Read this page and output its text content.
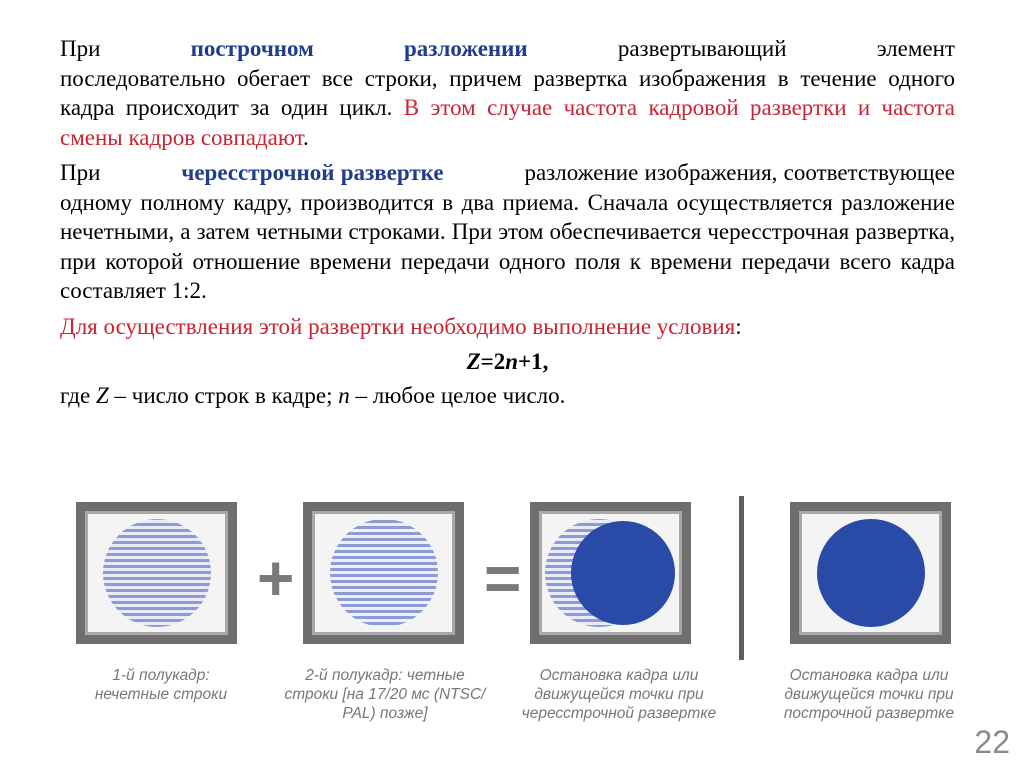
При	построчном	разложении	развертывающий элемент
последовательно обегает все строки, причем развертка изображения в течение одного кадра происходит за один цикл. В этом случае частота кадровой развертки и частота смены кадров совпадают.

При	чересстрочной развертке	разложение изображения, соответствующее одному полному кадру, производится в два приема. Сначала осуществляется разложение нечетными, а затем четными строками. При этом обеспечивается чересстрочная развертка, при которой отношение времени передачи одного поля к времени передачи всего кадра составляет 1:2.

Для осуществления этой развертки необходимо выполнение условия:

Z=2n+1,

где Z – число строк в кадре; n – любое целое число.

+	=
1-й полукадр:
нечетные строки
2-й полукадр: четные
строки [на 17/20 мс (NTSC/
PAL) позже]
Остановка кадра или
движущейся точки при
чересстрочной развертке
Остановка кадра или
движущейся точки при
построчной развертке
22
